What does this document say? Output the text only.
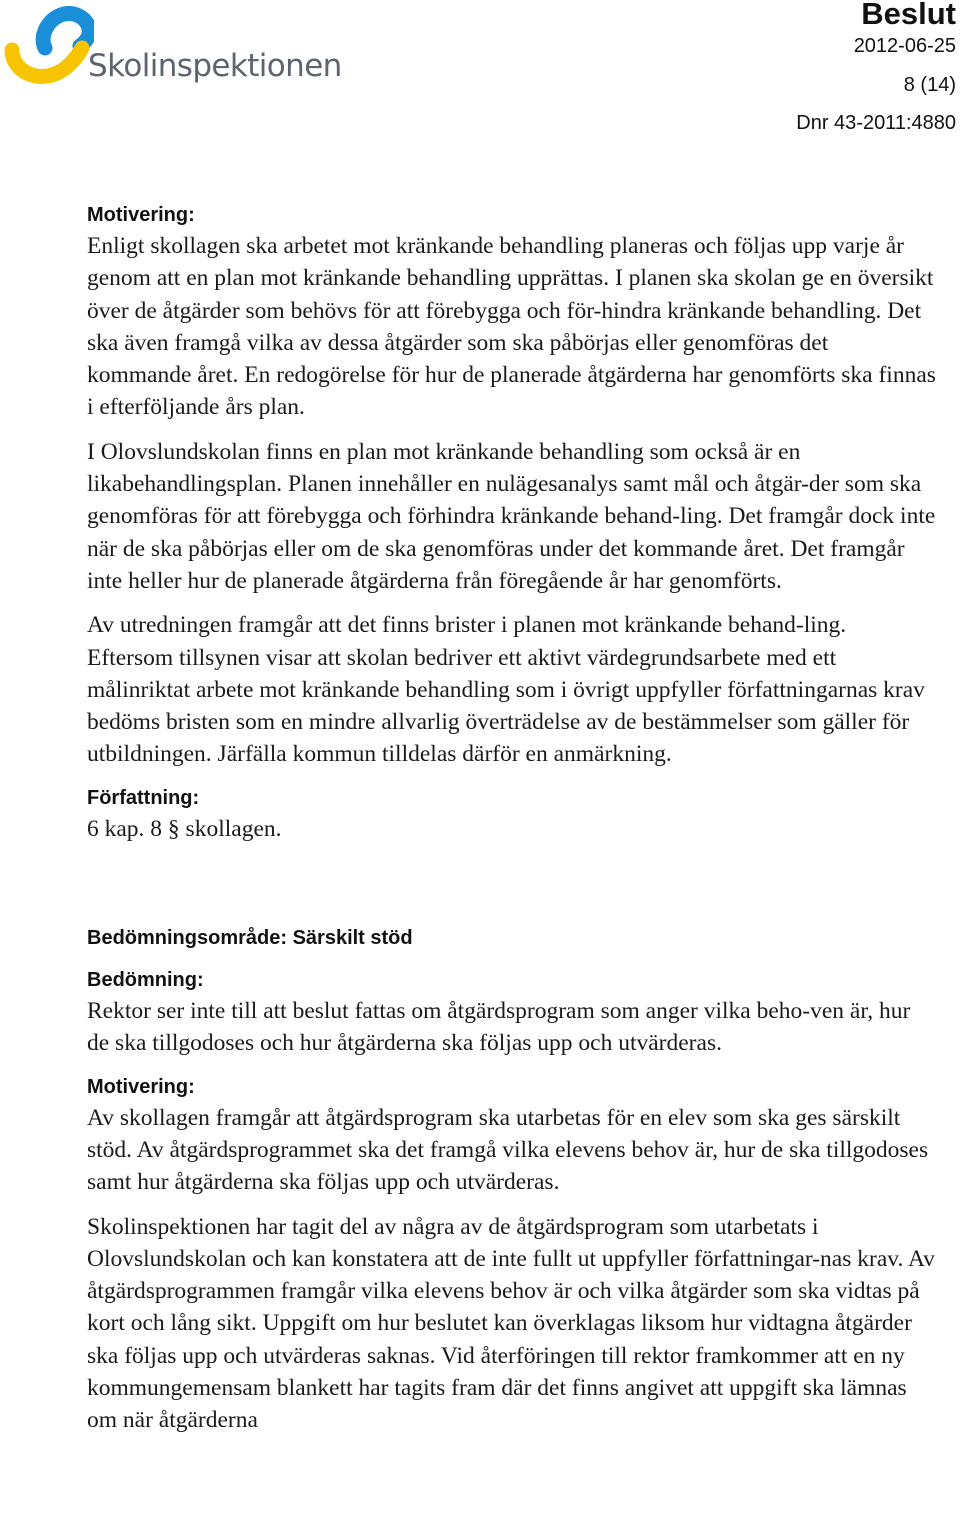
Skolinspektionen
Beslut
2012-06-25
8 (14)
Dnr 43-2011:4880
Motivering:

Enligt skollagen ska arbetet mot kränkande behandling planeras och följas upp varje år genom att en plan mot kränkande behandling upprättas. I planen ska skolan ge en översikt över de åtgärder som behövs för att förebygga och för-hindra kränkande behandling. Det ska även framgå vilka av dessa åtgärder som ska påbörjas eller genomföras det kommande året. En redogörelse för hur de planerade åtgärderna har genomförts ska finnas i efterföljande års plan.

I Olovslundskolan finns en plan mot kränkande behandling som också är en likabehandlingsplan. Planen innehåller en nulägesanalys samt mål och åtgär-der som ska genomföras för att förebygga och förhindra kränkande behand-ling. Det framgår dock inte när de ska påbörjas eller om de ska genomföras under det kommande året. Det framgår inte heller hur de planerade åtgärderna från föregående år har genomförts.

Av utredningen framgår att det finns brister i planen mot kränkande behand-ling. Eftersom tillsynen visar att skolan bedriver ett aktivt värdegrundsarbete med ett målinriktat arbete mot kränkande behandling som i övrigt uppfyller författningarnas krav bedöms bristen som en mindre allvarlig överträdelse av de bestämmelser som gäller för utbildningen. Järfälla kommun tilldelas därför en anmärkning.

Författning:

6 kap. 8 § skollagen.

Bedömningsområde: Särskilt stöd
Bedömning:

Rektor ser inte till att beslut fattas om åtgärdsprogram som anger vilka beho-ven är, hur de ska tillgodoses och hur åtgärderna ska följas upp och utvärderas.

Motivering:

Av skollagen framgår att åtgärdsprogram ska utarbetas för en elev som ska ges särskilt stöd. Av åtgärdsprogrammet ska det framgå vilka elevens behov är, hur de ska tillgodoses samt hur åtgärderna ska följas upp och utvärderas.

Skolinspektionen har tagit del av några av de åtgärdsprogram som utarbetats i Olovslundskolan och kan konstatera att de inte fullt ut uppfyller författningar-nas krav. Av åtgärdsprogrammen framgår vilka elevens behov är och vilka åtgärder som ska vidtas på kort och lång sikt. Uppgift om hur beslutet kan överklagas liksom hur vidtagna åtgärder ska följas upp och utvärderas saknas. Vid återföringen till rektor framkommer att en ny kommungemensam blankett har tagits fram där det finns angivet att uppgift ska lämnas om när åtgärderna
